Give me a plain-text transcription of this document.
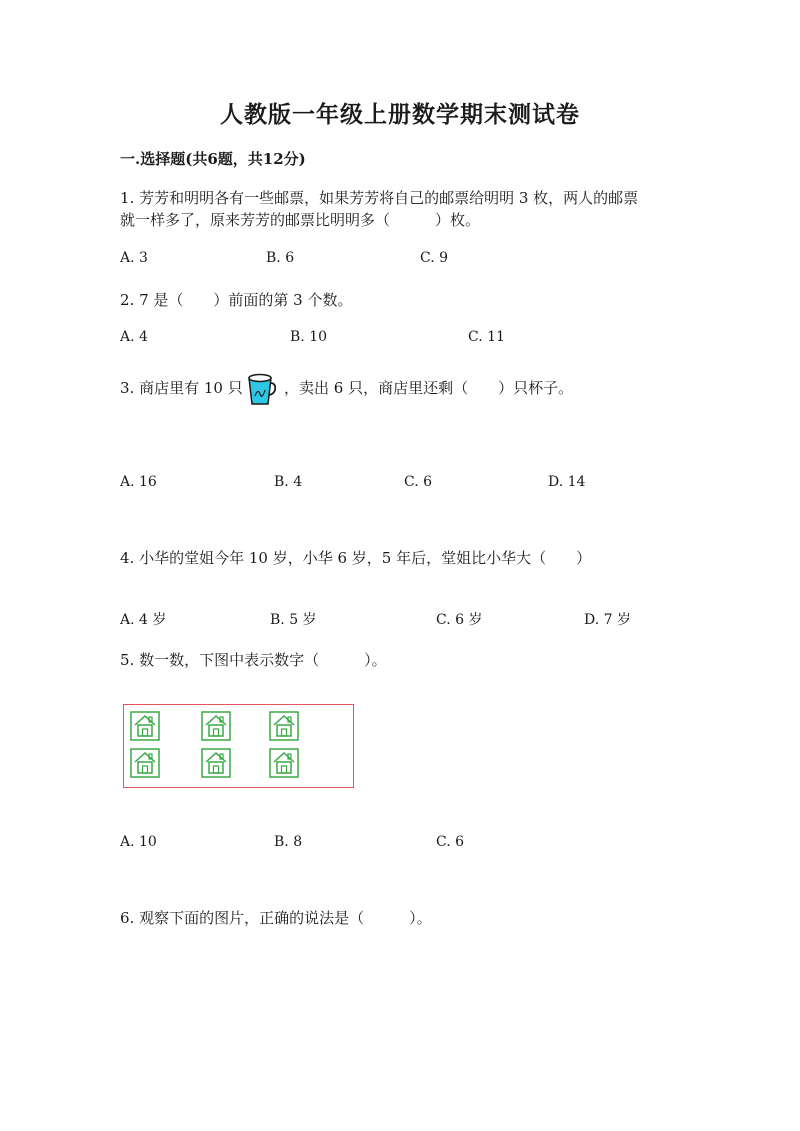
人教版一年级上册数学期末测试卷
一.选择题(共6题，共12分)
1. 芳芳和明明各有一些邮票，如果芳芳将自己的邮票给明明 3 枚，两人的邮票
就一样多了，原来芳芳的邮票比明明多（　　　）枚。
A. 3	B. 6	C. 9
2. 7 是（　　）前面的第 3 个数。
A. 4	B. 10	C. 11
3. 商店里有 10 只	，卖出 6 只，商店里还剩（　　）只杯子。
A. 16	B. 4	C. 6	D. 14
4. 小华的堂姐今年 10 岁，小华 6 岁，5 年后，堂姐比小华大（　　）
A. 4 岁	B. 5 岁	C. 6 岁	D. 7 岁
5. 数一数，下图中表示数字（　　　）。
A. 10	B. 8	C. 6
6. 观察下面的图片，正确的说法是（　　　）。
